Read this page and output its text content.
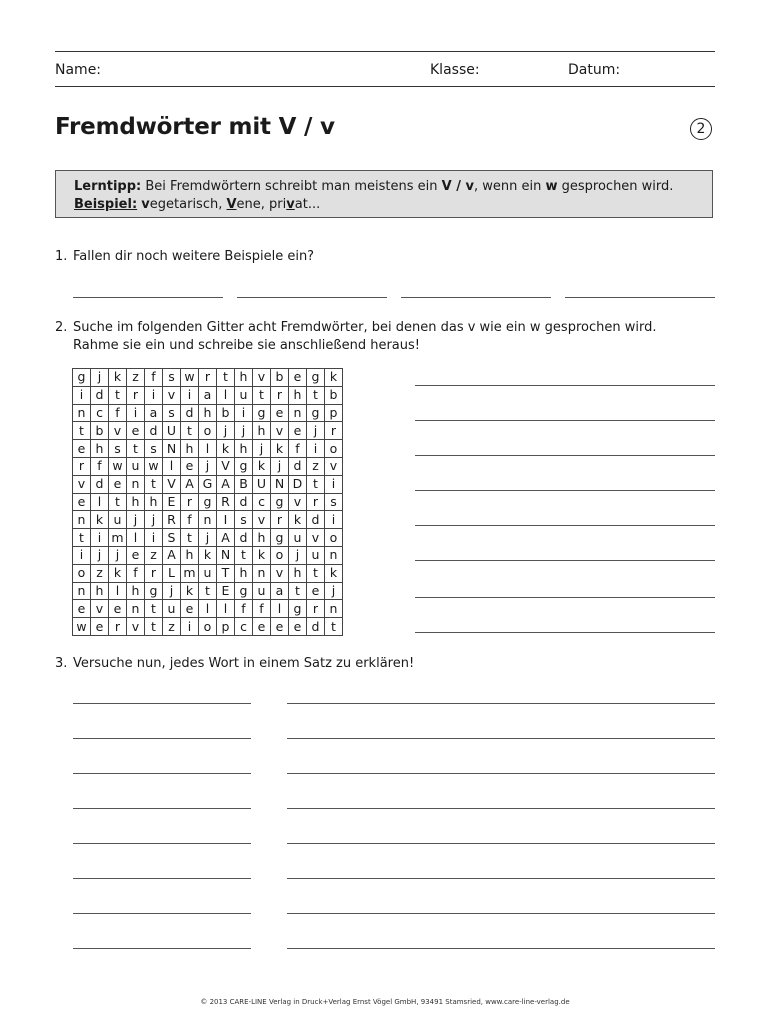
Name:	Klasse:	Datum:
Fremdwörter mit V / v	2
Lerntipp: Bei Fremdwörtern schreibt man meistens ein V / v, wenn ein w gesprochen wird.
Beispiel: vegetarisch, Vene, privat...
1. Fallen dir noch weitere Beispiele ein?
2. Suche im folgenden Gitter acht Fremdwörter, bei denen das v wie ein w gesprochen wird.
Rahme sie ein und schreibe sie anschließend heraus!
g	j	k	z	f	s	w	r	t	h	v	b	e	g	k
i	d	t	r	i	v	i	a	l	u	t	r	h	t	b
n	c	f	i	a	s	d	h	b	i	g	e	n	g	p
t	b	v	e	d	U	t	o	j	j	h	v	e	j	r
e	h	s	t	s	N	h	l	k	h	j	k	f	i	o
r	f	w	u	w	l	e	j	V	g	k	j	d	z	v
v	d	e	n	t	V	A	G	A	B	U	N	D	t	i
e	l	t	h	h	E	r	g	R	d	c	g	v	r	s
n	k	u	j	j	R	f	n	I	s	v	r	k	d	i
t	i	m	l	i	S	t	j	A	d	h	g	u	v	o
i	j	j	e	z	A	h	k	N	t	k	o	j	u	n
o	z	k	f	r	L	m	u	T	h	n	v	h	t	k
n	h	l	h	g	j	k	t	E	g	u	a	t	e	j
e	v	e	n	t	u	e	l	l	f	f	l	g	r	n
w	e	r	v	t	z	i	o	p	c	e	e	e	d	t
3. Versuche nun, jedes Wort in einem Satz zu erklären!
© 2013 CARE-LINE Verlag in Druck+Verlag Ernst Vögel GmbH, 93491 Stamsried, www.care-line-verlag.de
